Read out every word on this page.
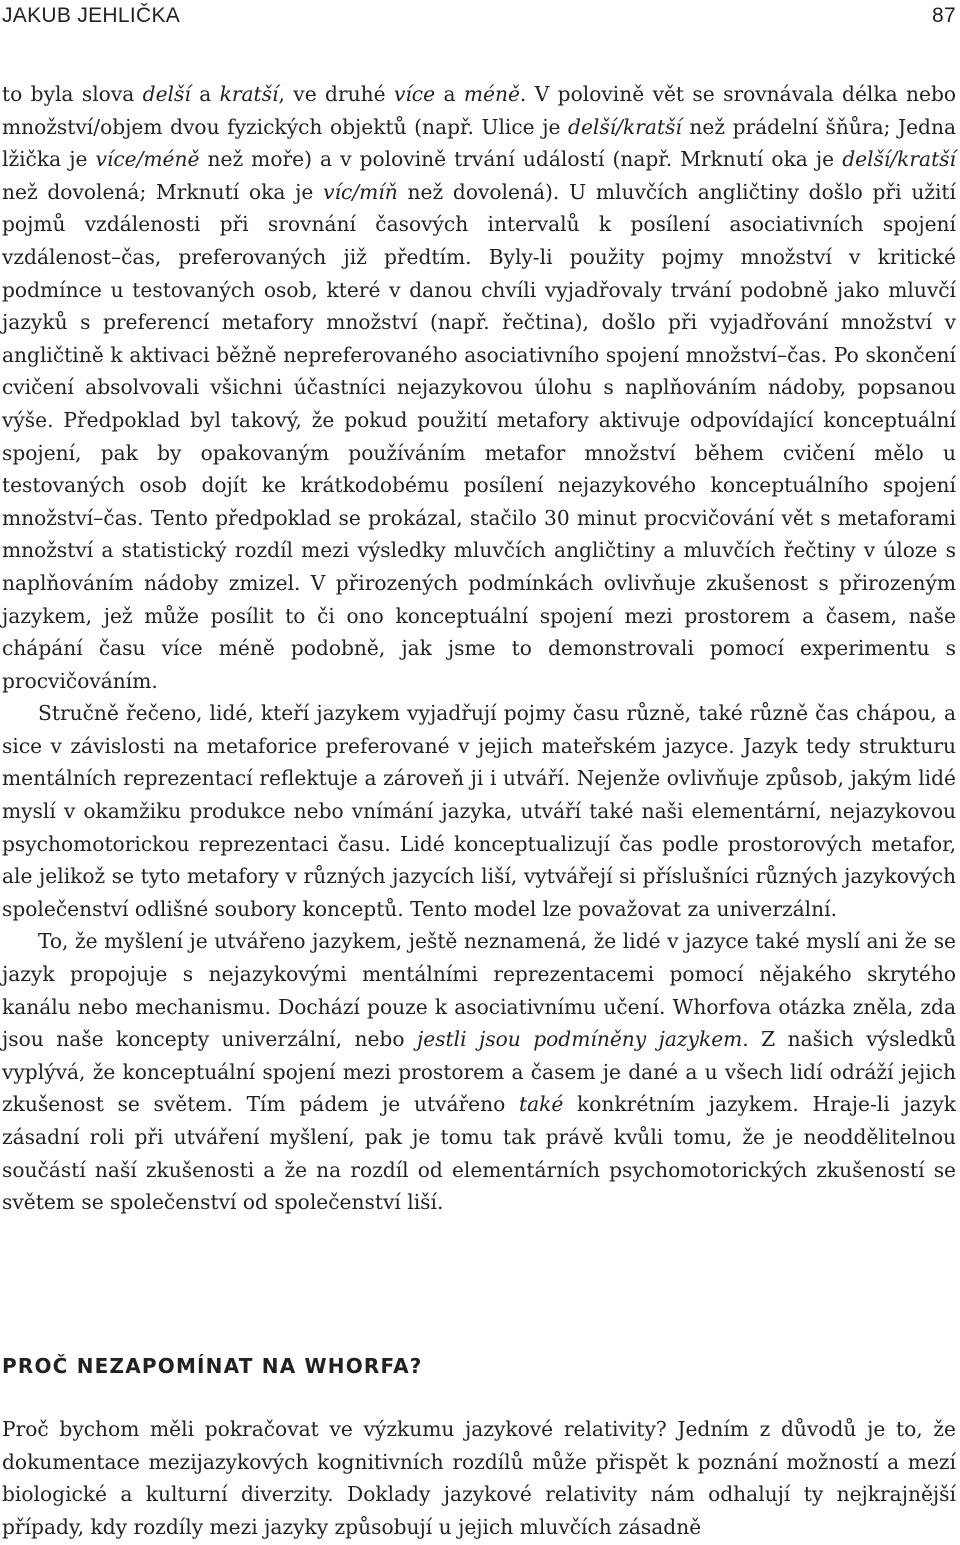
JAKUB JEHLIČKA	87

to byla slova delší a kratší, ve druhé více a méně. V polovině vět se srovnávala délka nebo množství/objem dvou fyzických objektů (např. Ulice je delší/kratší než prádelní šňůra; Jedna lžička je více/méně než moře) a v polovině trvání událostí (např. Mrknutí oka je delší/kratší než dovolená; Mrknutí oka je víc/míň než dovolená). U mluvčích angličtiny došlo při užití pojmů vzdálenosti při srovnání časových intervalů k posílení asociativních spojení vzdálenost–čas, preferovaných již předtím. Byly-li použity pojmy množství v kritické podmínce u testovaných osob, které v danou chvíli vyjadřovaly trvání podobně jako mluvčí jazyků s preferencí metafory množství (např. řečtina), došlo při vyjadřování množství v angličtině k aktivaci běžně nepreferovaného asociativního spojení množství–čas. Po skončení cvičení absolvovali všichni účastníci nejazykovou úlohu s naplňováním nádoby, popsanou výše. Předpoklad byl takový, že pokud použití metafory aktivuje odpovídající konceptuální spojení, pak by opakovaným používáním metafor množství během cvičení mělo u testovaných osob dojít ke krátkodobému posílení nejazykového konceptuálního spojení množství–čas. Tento předpoklad se prokázal, stačilo 30 minut procvičování vět s metaforami množství a statistický rozdíl mezi výsledky mluvčích angličtiny a mluvčích řečtiny v úloze s naplňováním nádoby zmizel. V přirozených podmínkách ovlivňuje zkušenost s přirozeným jazykem, jež může posílit to či ono konceptuální spojení mezi prostorem a časem, naše chápání času více méně podobně, jak jsme to demonstrovali pomocí experimentu s procvičováním.

Stručně řečeno, lidé, kteří jazykem vyjadřují pojmy času různě, také různě čas chápou, a sice v závislosti na metaforice preferované v jejich mateřském jazyce. Jazyk tedy strukturu mentálních reprezentací reflektuje a zároveň ji i utváří. Nejenže ovlivňuje způsob, jakým lidé myslí v okamžiku produkce nebo vnímání jazyka, utváří také naši elementární, nejazykovou psychomotorickou reprezentaci času. Lidé konceptualizují čas podle prostorových metafor, ale jelikož se tyto metafory v různých jazycích liší, vytvářejí si příslušníci různých jazykových společenství odlišné soubory konceptů. Tento model lze považovat za univerzální.

To, že myšlení je utvářeno jazykem, ještě neznamená, že lidé v jazyce také myslí ani že se jazyk propojuje s nejazykovými mentálními reprezentacemi pomocí nějakého skrytého kanálu nebo mechanismu. Dochází pouze k asociativnímu učení. Whorfova otázka zněla, zda jsou naše koncepty univerzální, nebo jestli jsou podmíněny jazykem. Z našich výsledků vyplývá, že konceptuální spojení mezi prostorem a časem je dané a u všech lidí odráží jejich zkušenost se světem. Tím pádem je utvářeno také konkrétním jazykem. Hraje-li jazyk zásadní roli při utváření myšlení, pak je tomu tak právě kvůli tomu, že je neoddělitelnou součástí naší zkušenosti a že na rozdíl od elementárních psychomotorických zkušeností se světem se společenství od společenství liší.

PROČ NEZAPOMÍNAT NA WHORFA?

Proč bychom měli pokračovat ve výzkumu jazykové relativity? Jedním z důvodů je to, že dokumentace mezijazykových kognitivních rozdílů může přispět k poznání možností a mezí biologické a kulturní diverzity. Doklady jazykové relativity nám odhalují ty nejkrajnější případy, kdy rozdíly mezi jazyky způsobují u jejich mluvčích zásadně
